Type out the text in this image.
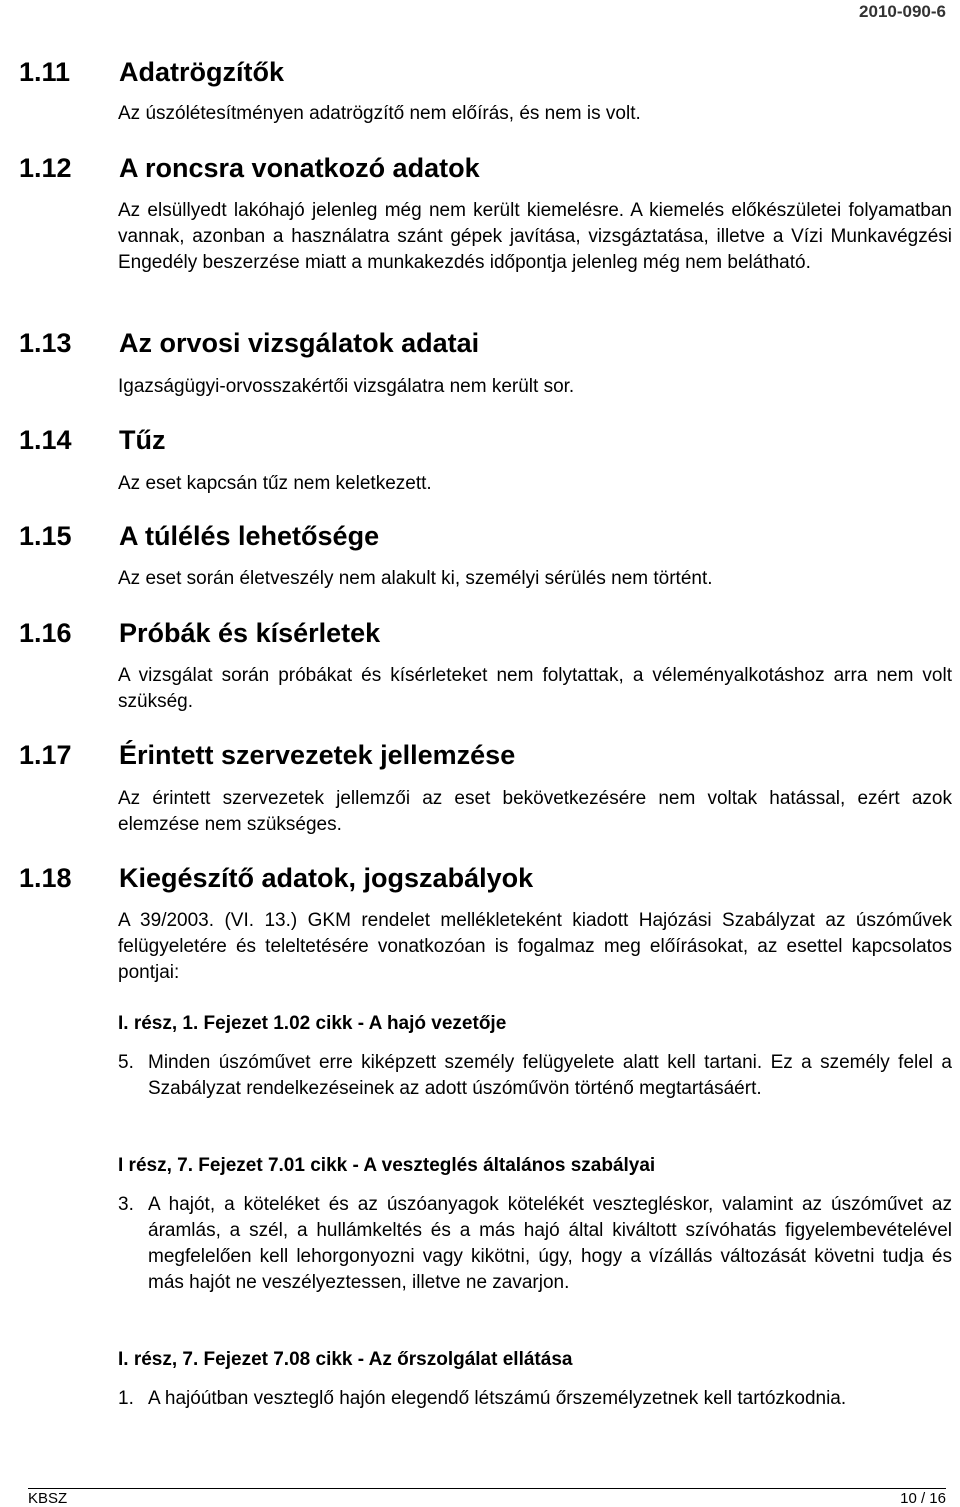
2010-090-6
1.11 Adatrögzítők

Az úszólétesítményen adatrögzítő nem előírás, és nem is volt.

1.12 A roncsra vonatkozó adatok

Az elsüllyedt lakóhajó jelenleg még nem került kiemelésre. A kiemelés előkészületei folyamatban vannak, azonban a használatra szánt gépek javítása, vizsgáztatása, illetve a Vízi Munkavégzési Engedély beszerzése miatt a munkakezdés időpontja jelenleg még nem belátható.

1.13 Az orvosi vizsgálatok adatai

Igazságügyi-orvosszakértői vizsgálatra nem került sor.

1.14 Tűz

Az eset kapcsán tűz nem keletkezett.

1.15 A túlélés lehetősége

Az eset során életveszély nem alakult ki, személyi sérülés nem történt.

1.16 Próbák és kísérletek

A vizsgálat során próbákat és kísérleteket nem folytattak, a véleményalkotáshoz arra nem volt szükség.

1.17 Érintett szervezetek jellemzése

Az érintett szervezetek jellemzői az eset bekövetkezésére nem voltak hatással, ezért azok elemzése nem szükséges.

1.18 Kiegészítő adatok, jogszabályok

A 39/2003. (VI. 13.) GKM rendelet mellékleteként kiadott Hajózási Szabályzat az úszóművek felügyeletére és teleltetésére vonatkozóan is fogalmaz meg előírásokat, az esettel kapcsolatos pontjai:

I. rész, 1. Fejezet 1.02 cikk - A hajó vezetője
5. Minden úszóművet erre kiképzett személy felügyelete alatt kell tartani. Ez a személy felel a Szabályzat rendelkezéseinek az adott úszóművön történő megtartásáért.
I rész, 7. Fejezet 7.01 cikk - A veszteglés általános szabályai
3. A hajót, a köteléket és az úszóanyagok kötelékét veszteglésk​or, valamint az úszóművet az áramlás, a szél, a hullámkeltés és a más hajó által kiváltott szívóhatás figyelembevételével megfelelően kell lehorgonyozni vagy kikötni, úgy, hogy a vízállás változását követni tudja és más hajót ne veszélyeztessen, illetve ne zavarjon.
I. rész, 7. Fejezet 7.08 cikk - Az őrszolgálat ellátása
1. A hajóútban vesztegl​ő hajón elegendő létszámú őrszemélyzetnek kell tartózkodnia.
KBSZ	10 / 16
